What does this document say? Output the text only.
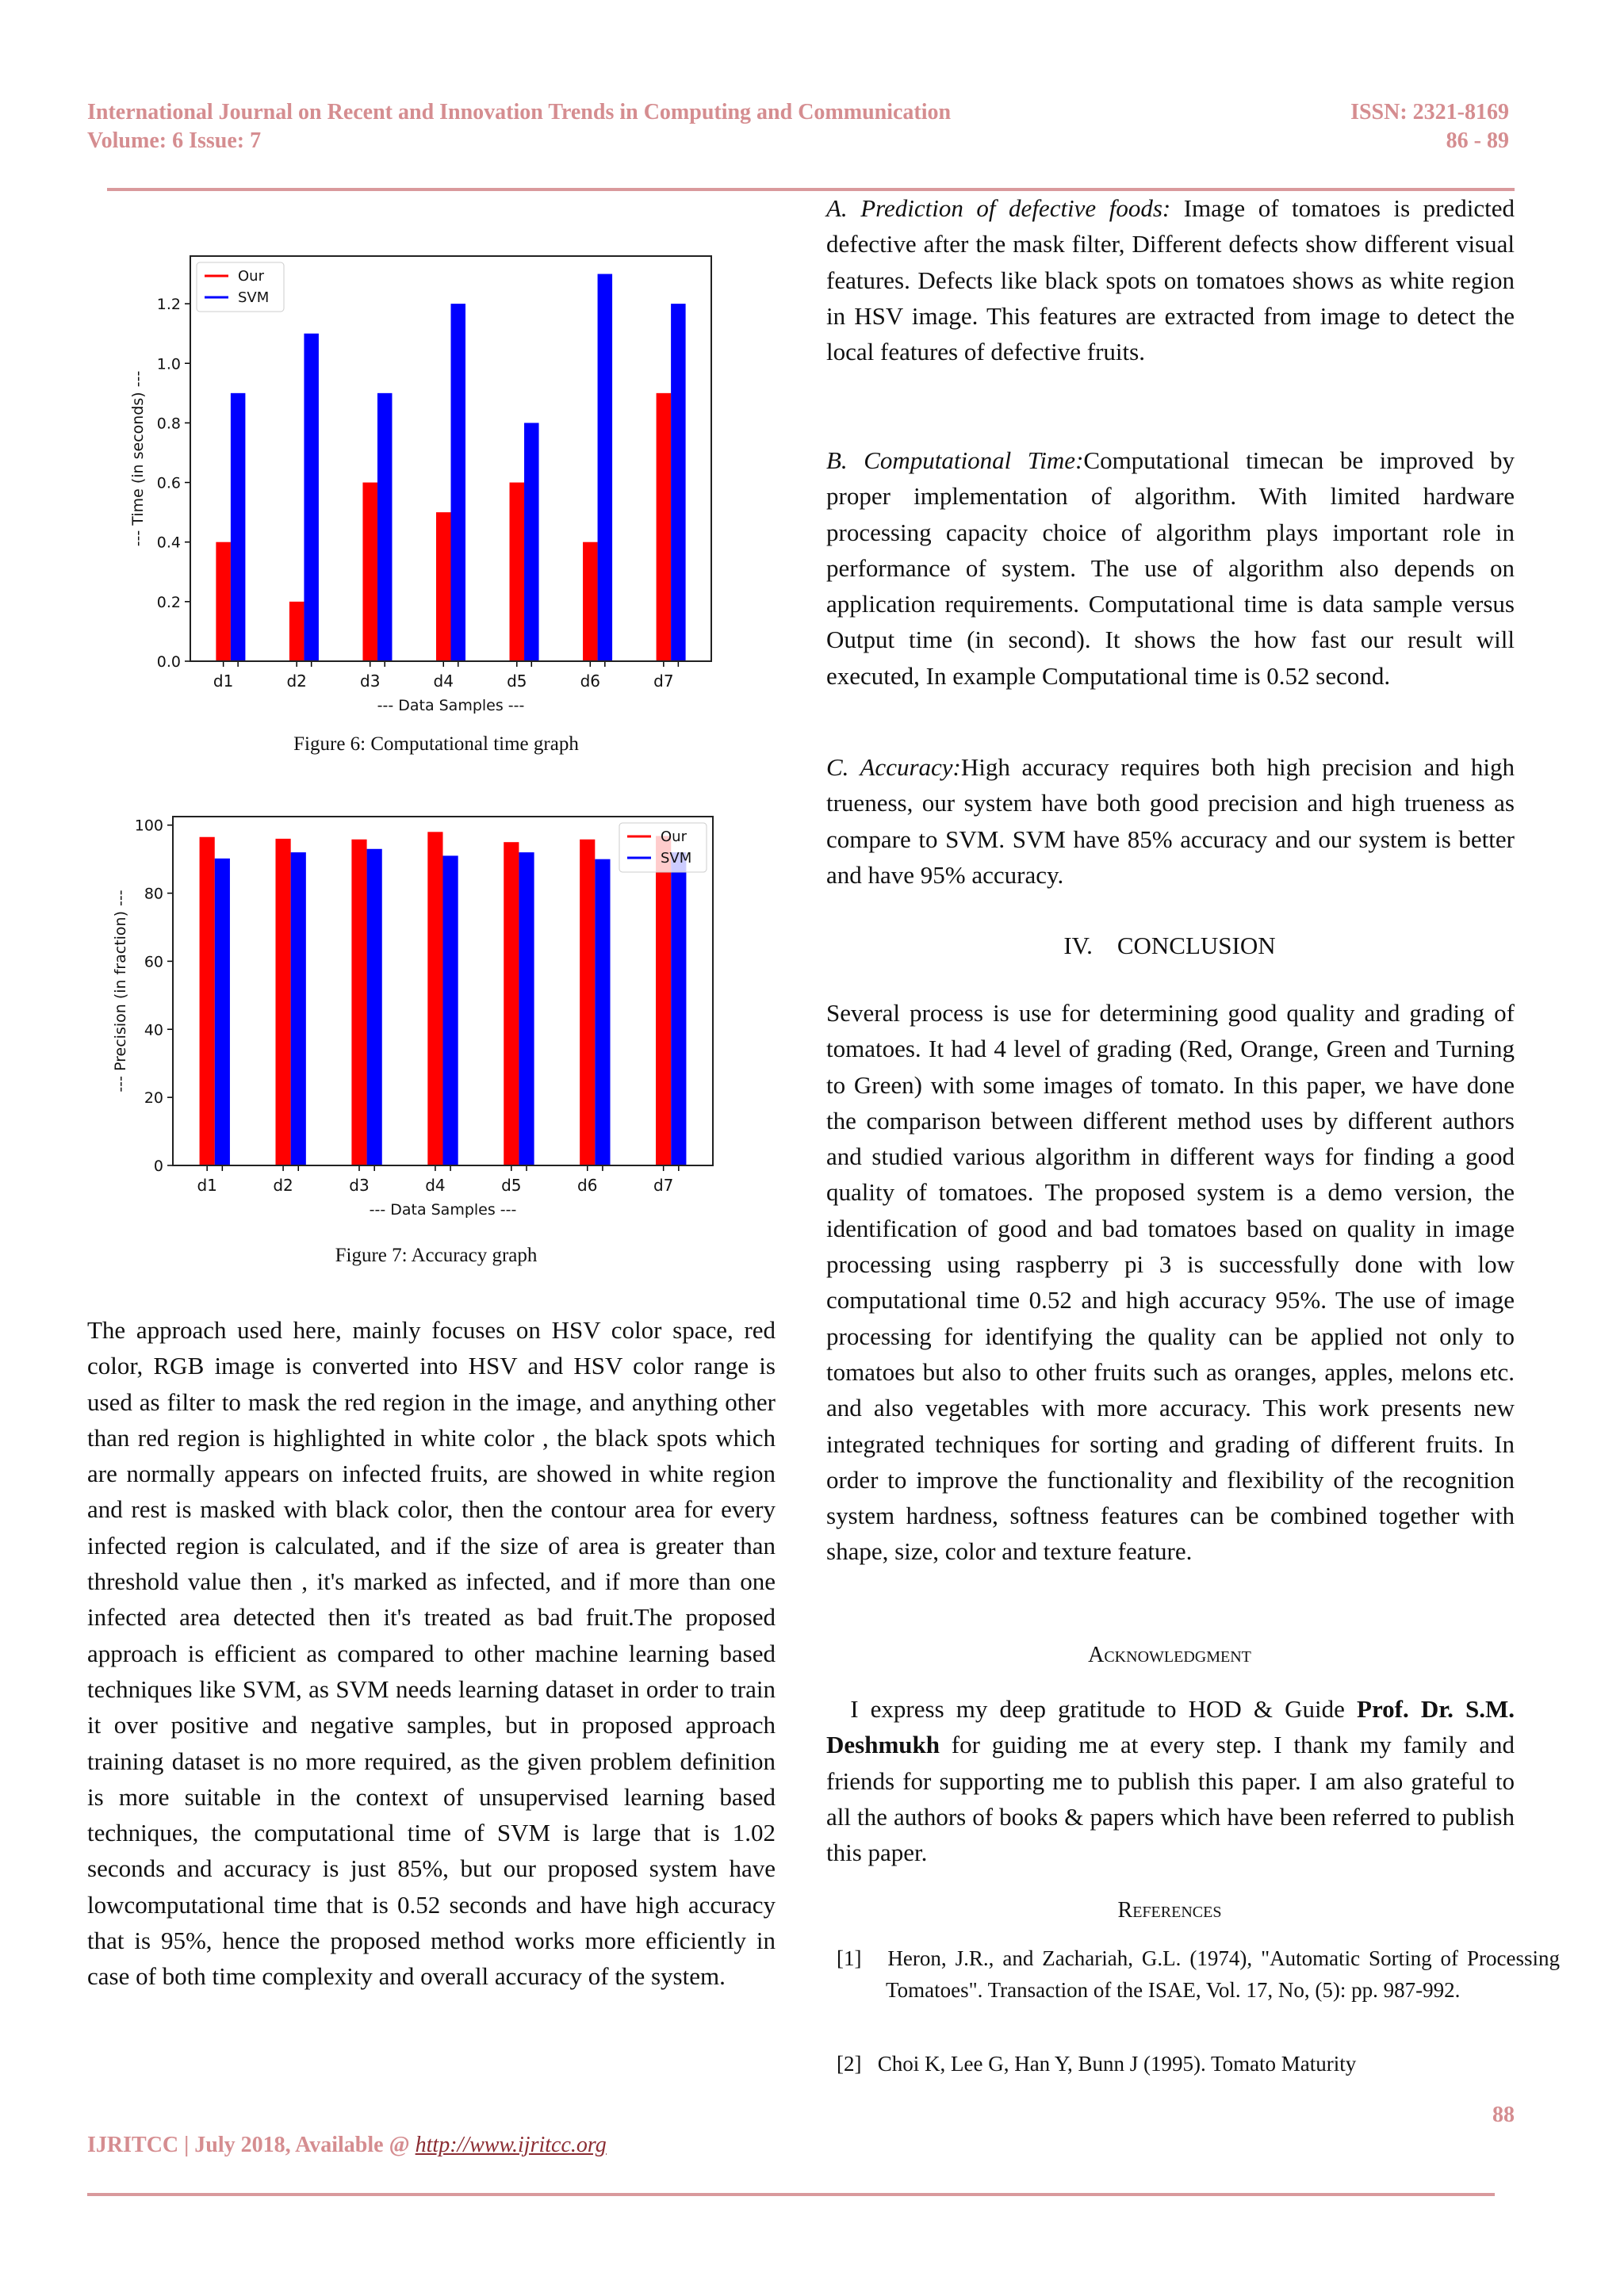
International Journal on Recent and Innovation Trends in Computing and Communication	ISSN: 2321-8169
Volume: 6 Issue: 7	86 - 89
d1	d2	d3	d4	d5	d6	d7
0.0
0.2
0.4
0.6
0.8
1.0
1.2
--- Data Samples ---
--- Time (in seconds) ---
Our
SVM
Figure 6: Computational time graph
d1	d2	d3	d4	d5	d6	d7
0
20
40
60
80
100
--- Data Samples ---
--- Precision (in fraction) ---
Our
SVM
Figure 7: Accuracy graph

The approach used here, mainly focuses on HSV color space, red color, RGB image is converted into HSV and HSV color range is used as filter to mask the red region in the image, and anything other than red region is highlighted in white color , the black spots which are normally appears on infected fruits, are showed in white region and rest is masked with black color, then the contour area for every infected region is calculated, and if the size of area is greater than threshold value then , it's marked as infected, and if more than one infected area detected then it's treated as bad fruit.The proposed approach is efficient as compared to other machine learning based techniques like SVM, as SVM needs learning dataset in order to train it over positive and negative samples, but in proposed approach training dataset is no more required, as the given problem definition is more suitable in the context of unsupervised learning based techniques, the computational time of SVM is large that is 1.02 seconds and accuracy is just 85%, but our proposed system have lowcomputational time that is 0.52 seconds and have high accuracy that is 95%, hence the proposed method works more efficiently in case of both time complexity and overall accuracy of the system.

A. Prediction of defective foods: Image of tomatoes is predicted defective after the mask filter, Different defects show different visual features. Defects like black spots on tomatoes shows as white region in HSV image. This features are extracted from image to detect the local features of defective fruits.

B. Computational Time:Computational timecan be improved by proper implementation of algorithm. With limited hardware processing capacity choice of algorithm plays important role in performance of system. The use of algorithm also depends on application requirements. Computational time is data sample versus Output time (in second). It shows the how fast our result will executed, In example Computational time is 0.52 second.

C. Accuracy:High accuracy requires both high precision and high trueness, our system have both good precision and high trueness as compare to SVM. SVM have 85% accuracy and our system is better and have 95% accuracy.

IV.    CONCLUSION

Several process is use for determining good quality and grading of tomatoes. It had 4 level of grading (Red, Orange, Green and Turning to Green) with some images of tomato. In this paper, we have done the comparison between different method uses by different authors and studied various algorithm in different ways for finding a good quality of tomatoes. The proposed system is a demo version, the identification of good and bad tomatoes based on quality in image processing using raspberry pi 3 is successfully done with low computational time 0.52 and high accuracy 95%. The use of image processing for identifying the quality can be applied not only to tomatoes but also to other fruits such as oranges, apples, melons etc. and also vegetables with more accuracy. This work presents new integrated techniques for sorting and grading of different fruits. In order to improve the functionality and flexibility of the recognition system hardness, softness features can be combined together with shape, size, color and texture feature.

Acknowledgment

I express my deep gratitude to HOD & Guide Prof. Dr. S.M. Deshmukh for guiding me at every step. I thank my family and friends for supporting me to publish this paper. I am also grateful to all the authors of books & papers which have been referred to publish this paper.

References
[1]   Heron, J.R., and Zachariah, G.L. (1974), "Automatic Sorting of Processing Tomatoes". Transaction of the ISAE, Vol. 17, No, (5): pp. 987-992.
[2]   Choi K, Lee G, Han Y, Bunn J (1995). Tomato Maturity
88
IJRITCC | July 2018, Available @ http://www.ijritcc.org
